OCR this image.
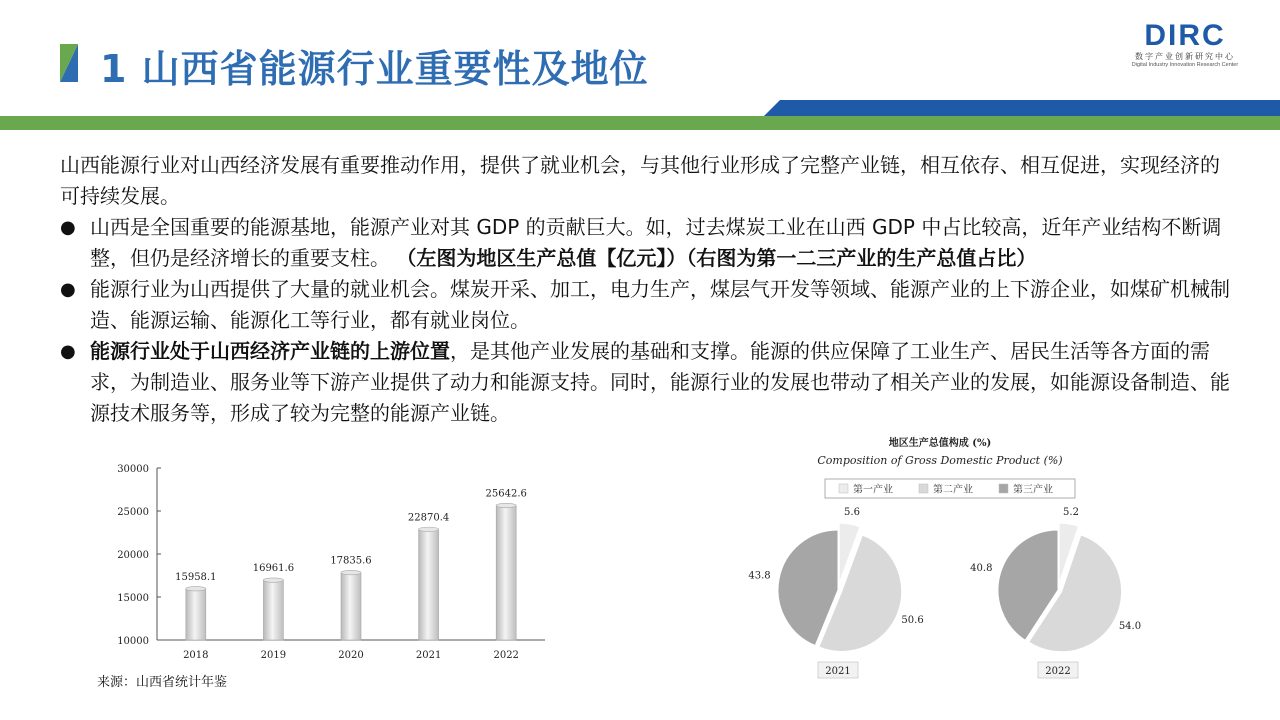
1 山西省能源行业重要性及地位
DIRC
数字产业创新研究中心
Digital Industry Innovation Research Center

山西能源行业对山西经济发展有重要推动作用，提供了就业机会，与其他行业形成了完整产业链，相互依存、相互促进，实现经济的可持续发展。

● 山西是全国重要的能源基地，能源产业对其 GDP 的贡献巨大。如，过去煤炭工业在山西 GDP 中占比较高，近年产业结构不断调整，但仍是经济增长的重要支柱。 （左图为地区生产总值【亿元】）（右图为第一二三产业的生产总值占比）
● 能源行业为山西提供了大量的就业机会。煤炭开采、加工，电力生产，煤层气开发等领域、能源产业的上下游企业，如煤矿机械制造、能源运输、能源化工等行业，都有就业岗位。
● 能源行业处于山西经济产业链的上游位置，是其他产业发展的基础和支撑。能源的供应保障了工业生产、居民生活等各方面的需求，为制造业、服务业等下游产业提供了动力和能源支持。同时，能源行业的发展也带动了相关产业的发展，如能源设备制造、能源技术服务等，形成了较为完整的能源产业链。
10000
15000
20000
25000
30000
15958.1
2018
16961.6
2019
17835.6
2020
22870.4
2021
25642.6
2022
地区生产总值构成 (%)
Composition of Gross Domestic Product (%)
第一产业	第二产业	第三产业
5.6
50.6
43.8
2021
5.2
54.0
40.8
2022
来源：山西省统计年鉴
